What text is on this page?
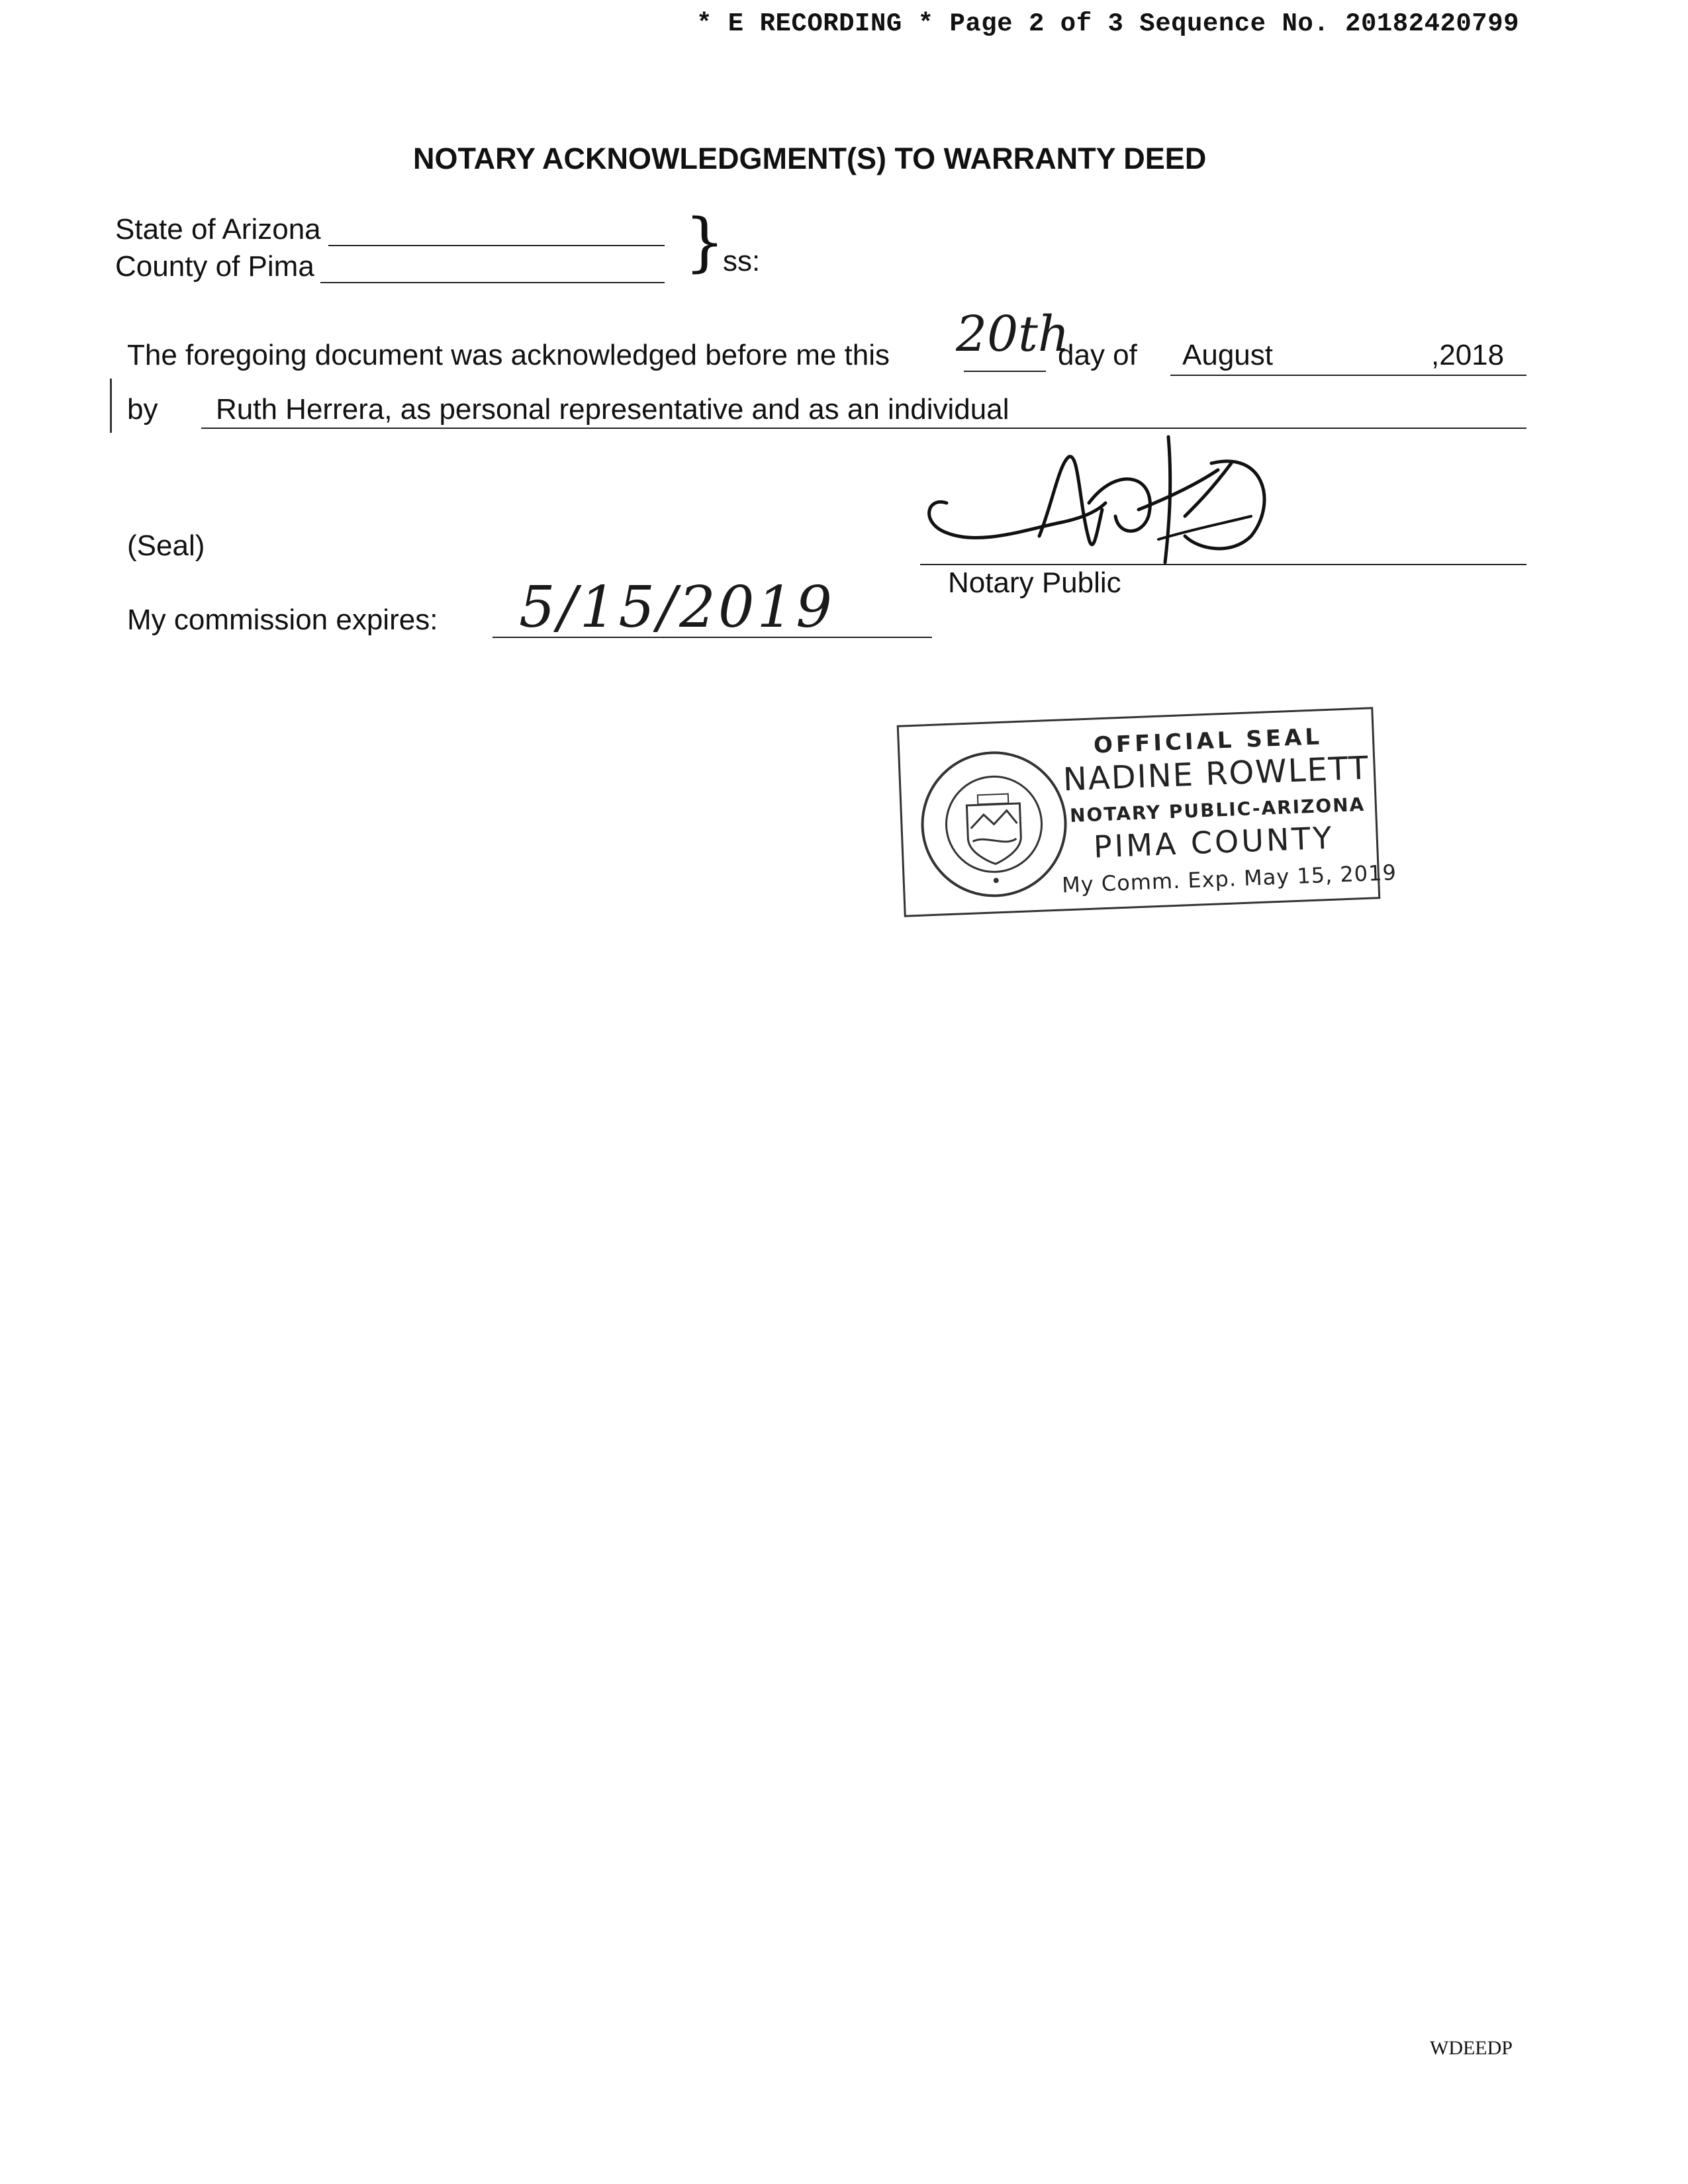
* E RECORDING * Page 2 of 3 Sequence No. 20182420799
NOTARY ACKNOWLEDGMENT(S) TO WARRANTY DEED
State of Arizona
County of Pima	}
ss:
The foregoing document was acknowledged before me this 20th
day of August	,2018
by Ruth Herrera, as personal representative and as an individual
(Seal)
Notary Public
My commission expires: 5/15/2019
OFFICIAL SEAL
NADINE ROWLETT
NOTARY PUBLIC-ARIZONA
PIMA COUNTY
My Comm. Exp. May 15, 2019
WDEEDP
